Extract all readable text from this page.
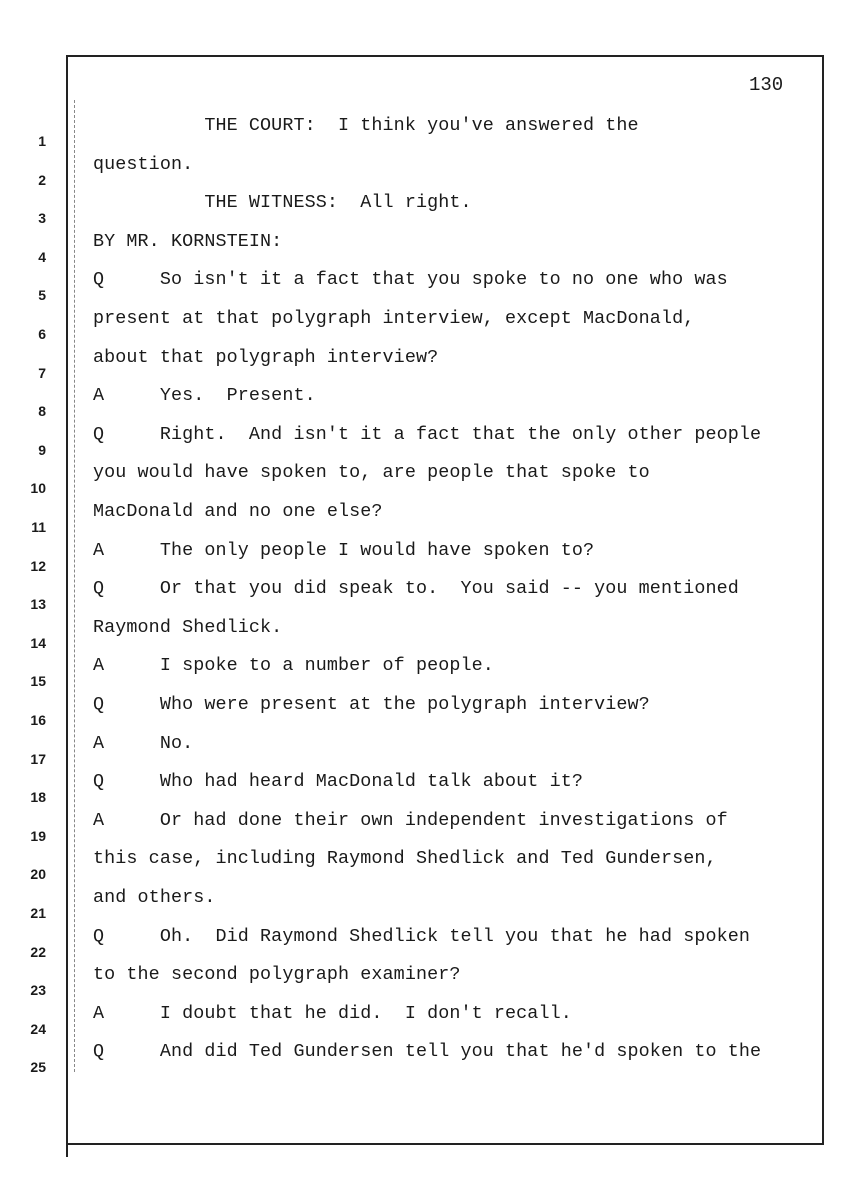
130
1
2
3
4
5
6
7
8
9
10
11
12
13
14
15
16
17
18
19
20
21
22
23
24
25
THE COURT:  I think you've answered the
question.
THE WITNESS:  All right.
BY MR. KORNSTEIN:
Q     So isn't it a fact that you spoke to no one who was
present at that polygraph interview, except MacDonald,
about that polygraph interview?
A     Yes.  Present.
Q     Right.  And isn't it a fact that the only other people
you would have spoken to, are people that spoke to
MacDonald and no one else?
A     The only people I would have spoken to?
Q     Or that you did speak to.  You said -- you mentioned
Raymond Shedlick.
A     I spoke to a number of people.
Q     Who were present at the polygraph interview?
A     No.
Q     Who had heard MacDonald talk about it?
A     Or had done their own independent investigations of
this case, including Raymond Shedlick and Ted Gundersen,
and others.
Q     Oh.  Did Raymond Shedlick tell you that he had spoken
to the second polygraph examiner?
A     I doubt that he did.  I don't recall.
Q     And did Ted Gundersen tell you that he'd spoken to the
